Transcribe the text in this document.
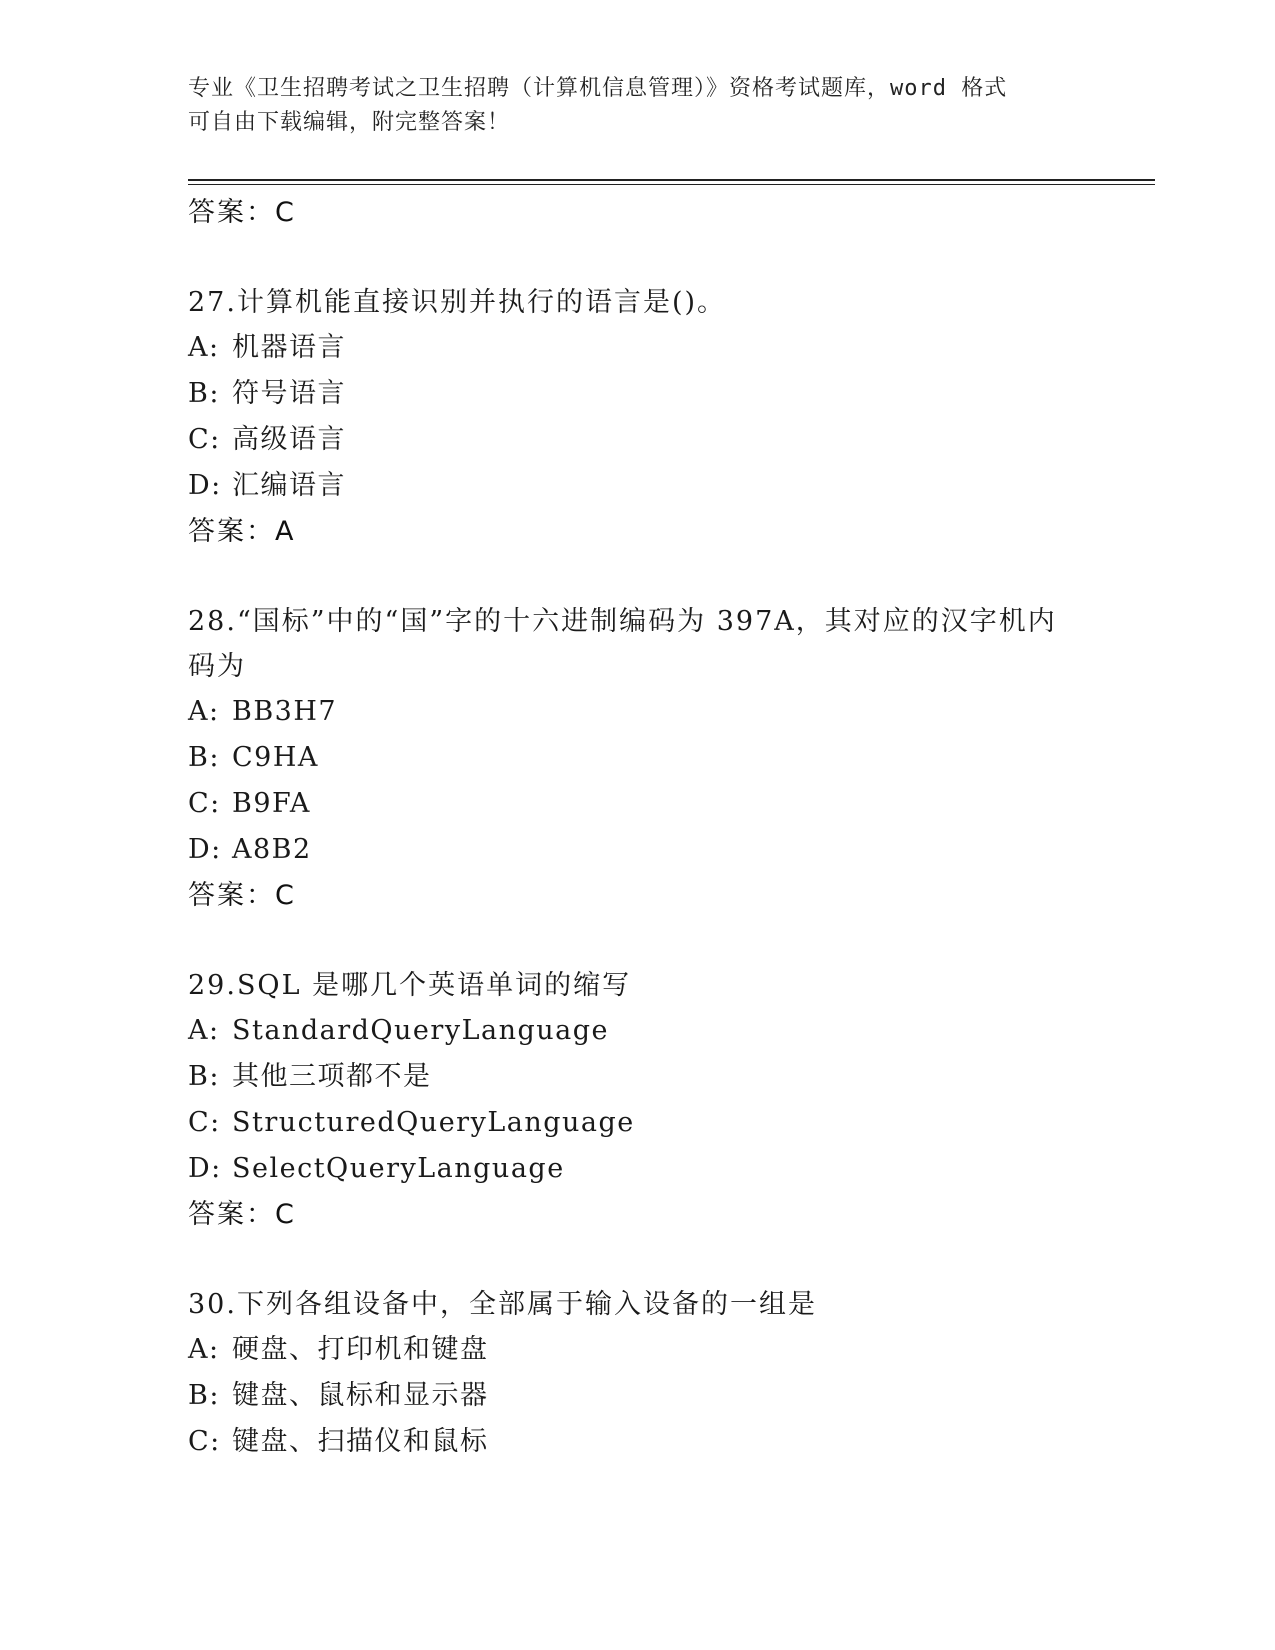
专业《卫生招聘考试之卫生招聘（计算机信息管理）》资格考试题库，word 格式
可自由下载编辑，附完整答案！
答案：C
27.计算机能直接识别并执行的语言是()。
A: 机器语言
B: 符号语言
C: 高级语言
D: 汇编语言
答案：A
28.“国标”中的“国”字的十六进制编码为 397A，其对应的汉字机内
码为
A: BB3H7
B: C9HA
C: B9FA
D: A8B2
答案：C
29.SQL 是哪几个英语单词的缩写
A: StandardQueryLanguage
B: 其他三项都不是
C: StructuredQueryLanguage
D: SelectQueryLanguage
答案：C
30.下列各组设备中，全部属于输入设备的一组是
A: 硬盘、打印机和键盘
B: 键盘、鼠标和显示器
C: 键盘、扫描仪和鼠标
